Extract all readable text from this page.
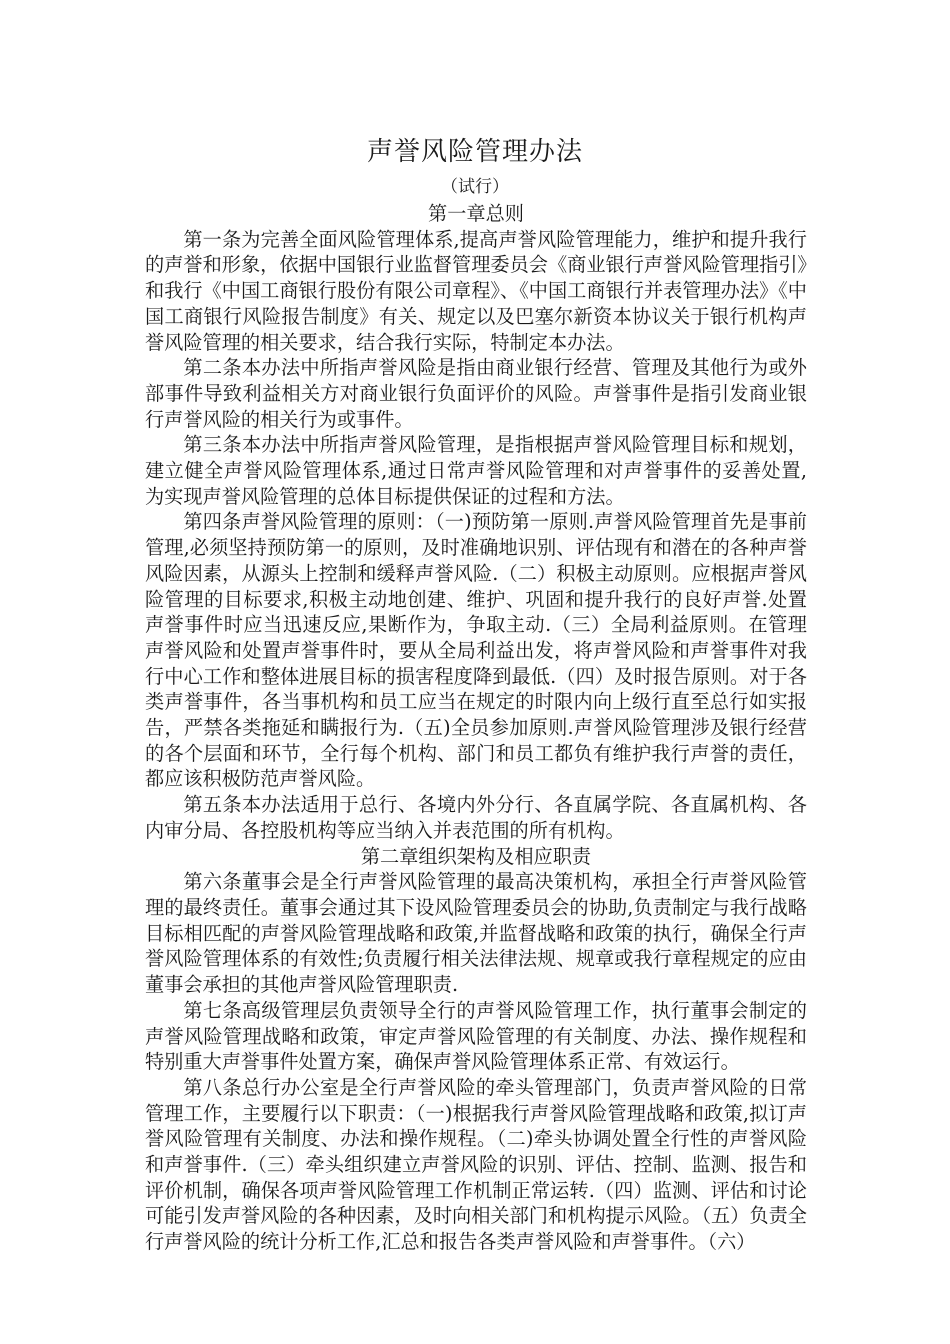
声誉风险管理办法
（试行）

第一章总则

第一条为完善全面风险管理体系,提高声誉风险管理能力，维护和提升我行的声誉和形象，依据中国银行业监督管理委员会《商业银行声誉风险管理指引》和我行《中国工商银行股份有限公司章程》、《中国工商银行并表管理办法》《中国工商银行风险报告制度》有关、规定以及巴塞尔新资本协议关于银行机构声誉风险管理的相关要求，结合我行实际，特制定本办法。

第二条本办法中所指声誉风险是指由商业银行经营、管理及其他行为或外部事件导致利益相关方对商业银行负面评价的风险。声誉事件是指引发商业银行声誉风险的相关行为或事件。

第三条本办法中所指声誉风险管理，是指根据声誉风险管理目标和规划，建立健全声誉风险管理体系,通过日常声誉风险管理和对声誉事件的妥善处置,为实现声誉风险管理的总体目标提供保证的过程和方法。

第四条声誉风险管理的原则：（一)预防第一原则.声誉风险管理首先是事前管理,必须坚持预防第一的原则，及时准确地识别、评估现有和潜在的各种声誉风险因素，从源头上控制和缓释声誉风险.（二）积极主动原则。应根据声誉风险管理的目标要求,积极主动地创建、维护、巩固和提升我行的良好声誉.处置声誉事件时应当迅速反应,果断作为，争取主动.（三）全局利益原则。在管理声誉风险和处置声誉事件时，要从全局利益出发，将声誉风险和声誉事件对我行中心工作和整体进展目标的损害程度降到最低.（四）及时报告原则。对于各类声誉事件，各当事机构和员工应当在规定的时限内向上级行直至总行如实报告，严禁各类拖延和瞒报行为.（五)全员参加原则.声誉风险管理涉及银行经营的各个层面和环节，全行每个机构、部门和员工都负有维护我行声誉的责任，都应该积极防范声誉风险。

第五条本办法适用于总行、各境内外分行、各直属学院、各直属机构、各内审分局、各控股机构等应当纳入并表范围的所有机构。

第二章组织架构及相应职责

第六条董事会是全行声誉风险管理的最高决策机构，承担全行声誉风险管理的最终责任。董事会通过其下设风险管理委员会的协助,负责制定与我行战略目标相匹配的声誉风险管理战略和政策,并监督战略和政策的执行，确保全行声誉风险管理体系的有效性;负责履行相关法律法规、规章或我行章程规定的应由董事会承担的其他声誉风险管理职责.

第七条高级管理层负责领导全行的声誉风险管理工作，执行董事会制定的声誉风险管理战略和政策，审定声誉风险管理的有关制度、办法、操作规程和特别重大声誉事件处置方案，确保声誉风险管理体系正常、有效运行。

第八条总行办公室是全行声誉风险的牵头管理部门，负责声誉风险的日常管理工作，主要履行以下职责：（一)根据我行声誉风险管理战略和政策,拟订声誉风险管理有关制度、办法和操作规程。（二)牵头协调处置全行性的声誉风险和声誉事件.（三）牵头组织建立声誉风险的识别、评估、控制、监测、报告和评价机制，确保各项声誉风险管理工作机制正常运转.（四）监测、评估和讨论可能引发声誉风险的各种因素，及时向相关部门和机构提示风险。（五）负责全行声誉风险的统计分析工作,汇总和报告各类声誉风险和声誉事件。（六）
